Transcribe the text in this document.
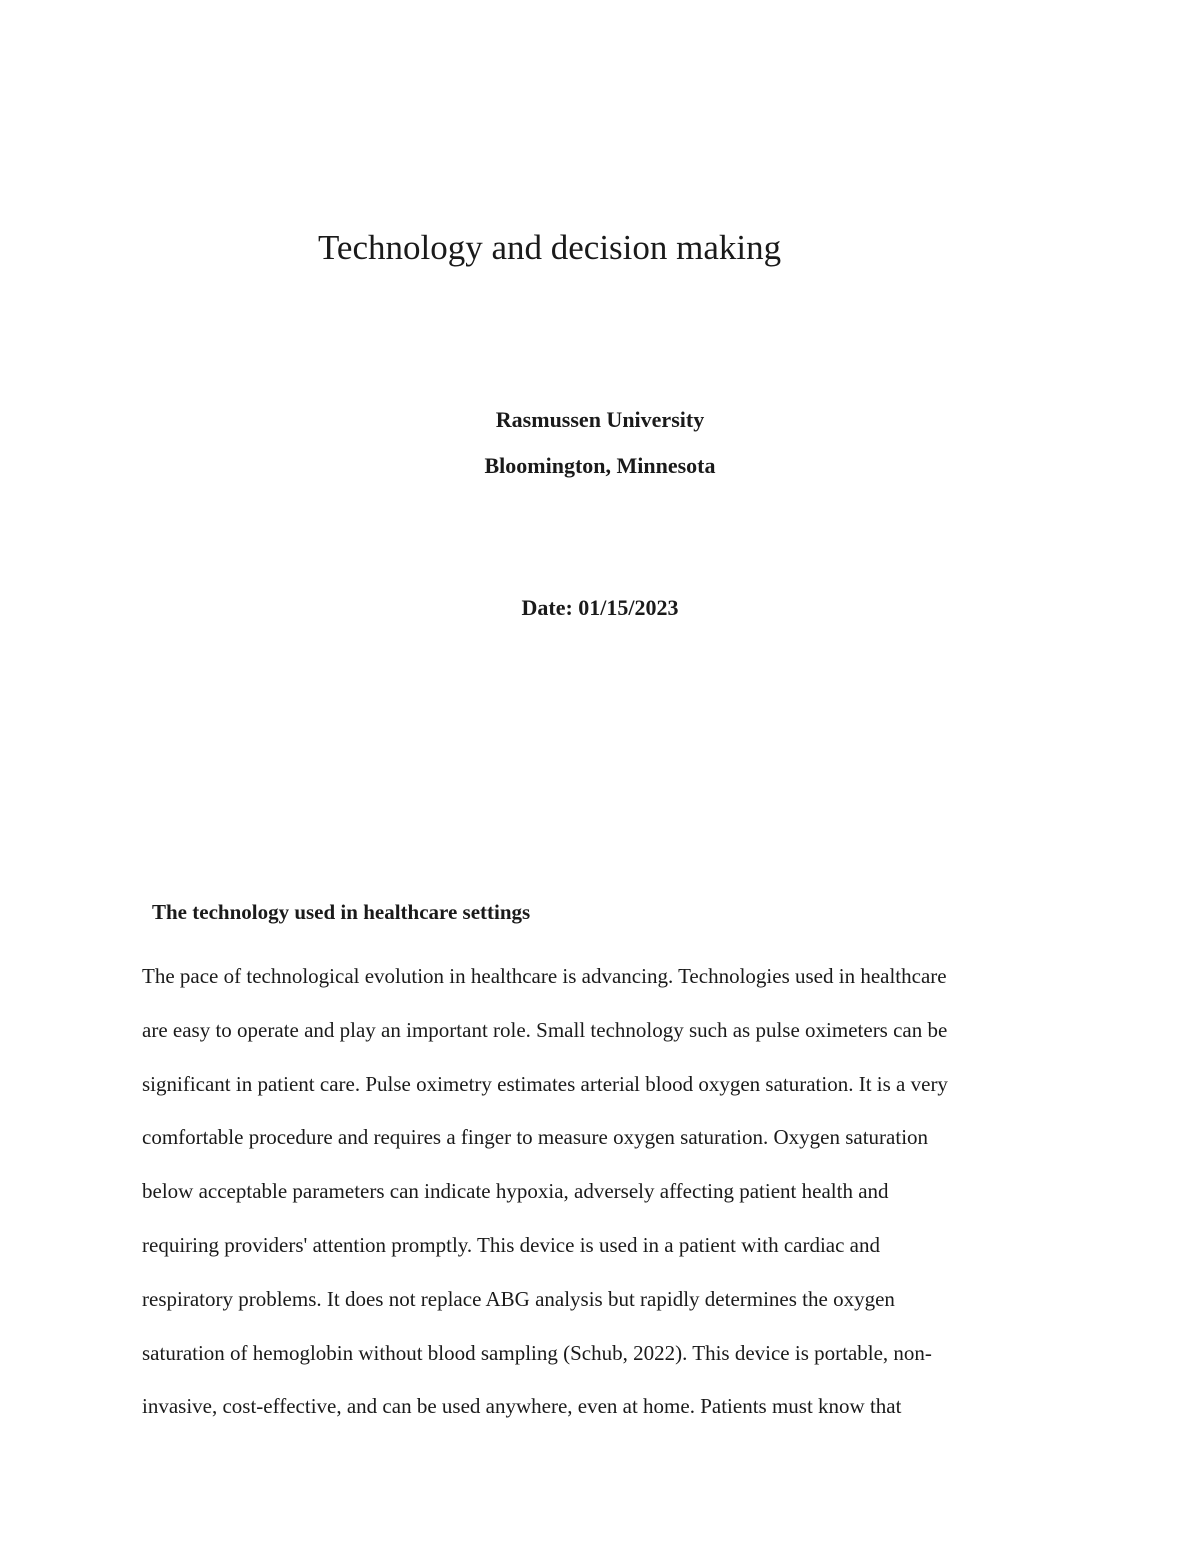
Technology and decision making

Rasmussen University

Bloomington, Minnesota

Date: 01/15/2023

The technology used in healthcare settings
The pace of technological evolution in healthcare is advancing. Technologies used in healthcare
are easy to operate and play an important role. Small technology such as pulse oximeters can be
significant in patient care. Pulse oximetry estimates arterial blood oxygen saturation. It is a very
comfortable procedure and requires a finger to measure oxygen saturation. Oxygen saturation
below acceptable parameters can indicate hypoxia, adversely affecting patient health and
requiring providers' attention promptly. This device is used in a patient with cardiac and
respiratory problems. It does not replace ABG analysis but rapidly determines the oxygen
saturation of hemoglobin without blood sampling (Schub, 2022). This device is portable, non-
invasive, cost-effective, and can be used anywhere, even at home. Patients must know that
